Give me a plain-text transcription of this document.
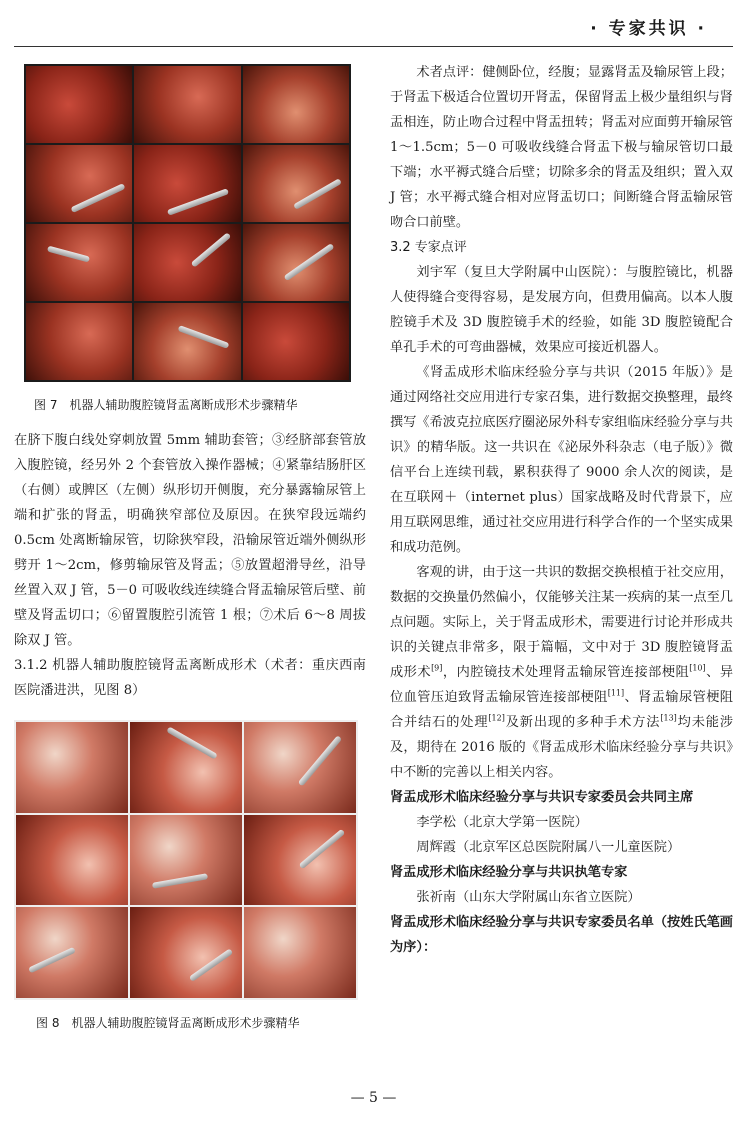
· 专家共识 ·
图 7　机器人辅助腹腔镜肾盂离断成形术步骤精华

在脐下腹白线处穿刺放置 5mm 辅助套管；③经脐部套管放入腹腔镜，经另外 2 个套管放入操作器械；④紧靠结肠肝区（右侧）或脾区（左侧）纵形切开侧腹，充分暴露输尿管上端和扩张的肾盂，明确狭窄部位及原因。在狭窄段远端约 0.5cm 处离断输尿管，切除狭窄段，沿输尿管近端外侧纵形劈开 1～2cm，修剪输尿管及肾盂；⑤放置超滑导丝，沿导丝置入双 J 管，5－0 可吸收线连续缝合肾盂输尿管后壁、前壁及肾盂切口；⑥留置腹腔引流管 1 根；⑦术后 6～8 周拔除双 J 管。

3.1.2 机器人辅助腹腔镜肾盂离断成形术（术者：重庆西南医院潘进洪，见图 8）

图 8　机器人辅助腹腔镜肾盂离断成形术步骤精华

术者点评：健侧卧位，经腹；显露肾盂及输尿管上段；于肾盂下极适合位置切开肾盂，保留肾盂上极少量组织与肾盂相连，防止吻合过程中肾盂扭转；肾盂对应面剪开输尿管 1～1.5cm；5－0 可吸收线缝合肾盂下极与输尿管切口最下端；水平褥式缝合后壁；切除多余的肾盂及组织；置入双 J 管；水平褥式缝合相对应肾盂切口；间断缝合肾盂输尿管吻合口前壁。

3.2 专家点评

刘宇军（复旦大学附属中山医院）：与腹腔镜比，机器人使得缝合变得容易，是发展方向，但费用偏高。以本人腹腔镜手术及 3D 腹腔镜手术的经验，如能 3D 腹腔镜配合单孔手术的可弯曲器械，效果应可接近机器人。

《肾盂成形术临床经验分享与共识（2015 年版）》是通过网络社交应用进行专家召集，进行数据交换整理，最终撰写《希波克拉底医疗圈泌尿外科专家组临床经验分享与共识》的精华版。这一共识在《泌尿外科杂志（电子版）》微信平台上连续刊载，累积获得了 9000 余人次的阅读，是在互联网＋（internet plus）国家战略及时代背景下，应用互联网思维，通过社交应用进行科学合作的一个坚实成果和成功范例。

客观的讲，由于这一共识的数据交换根植于社交应用，数据的交换量仍然偏小，仅能够关注某一疾病的某一点至几点问题。实际上，关于肾盂成形术，需要进行讨论并形成共识的关键点非常多，限于篇幅，文中对于 3D 腹腔镜肾盂成形术[9]，内腔镜技术处理肾盂输尿管连接部梗阻[10]、异位血管压迫致肾盂输尿管连接部梗阻[11]、肾盂输尿管梗阻合并结石的处理[12]及新出现的多种手术方法[13]均未能涉及，期待在 2016 版的《肾盂成形术临床经验分享与共识》中不断的完善以上相关内容。

肾盂成形术临床经验分享与共识专家委员会共同主席

李学松（北京大学第一医院）

周辉霞（北京军区总医院附属八一儿童医院）

肾盂成形术临床经验分享与共识执笔专家

张祈南（山东大学附属山东省立医院）

肾盂成形术临床经验分享与共识专家委员名单（按姓氏笔画为序）：

— 5 —
